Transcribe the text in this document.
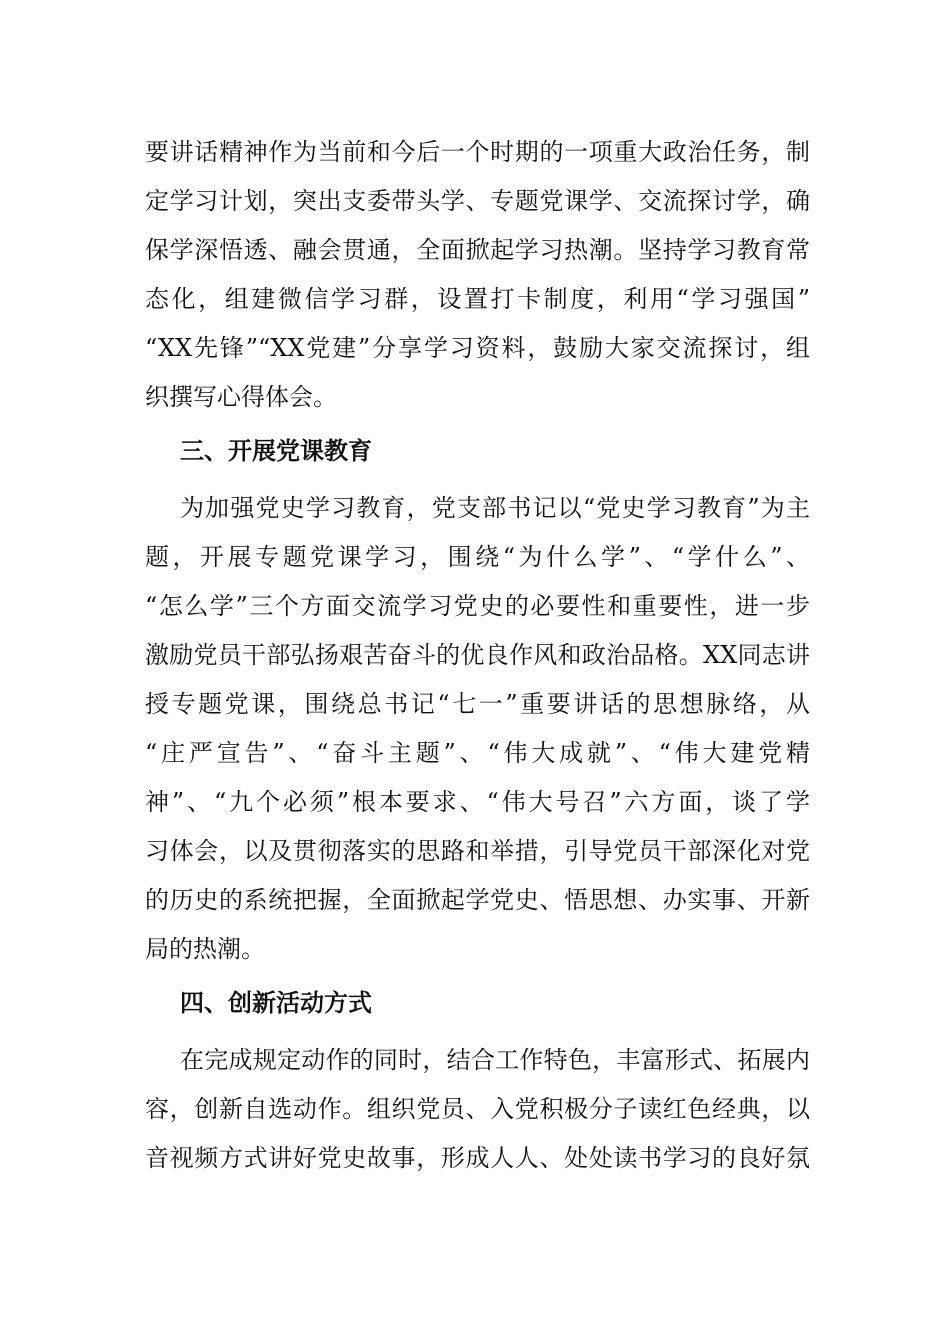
要讲话精神作为当前和今后一个时期的一项重大政治任务，制
定学习计划，突出支委带头学、专题党课学、交流探讨学，确
保学深悟透、融会贯通，全面掀起学习热潮。坚持学习教育常
态化，组建微信学习群，设置打卡制度，利用“学习强国”
“XX先锋”“XX党建”分享学习资料，鼓励大家交流探讨，组
织撰写心得体会。
三、开展党课教育
为加强党史学习教育，党支部书记以“党史学习教育”为主
题，开展专题党课学习，围绕“为什么学”、“学什么”、
“怎么学”三个方面交流学习党史的必要性和重要性，进一步
激励党员干部弘扬艰苦奋斗的优良作风和政治品格。XX同志讲
授专题党课，围绕总书记“七一”重要讲话的思想脉络，从
“庄严宣告”、“奋斗主题”、“伟大成就”、“伟大建党精
神”、“九个必须”根本要求、“伟大号召”六方面，谈了学
习体会，以及贯彻落实的思路和举措，引导党员干部深化对党
的历史的系统把握，全面掀起学党史、悟思想、办实事、开新
局的热潮。
四、创新活动方式
在完成规定动作的同时，结合工作特色，丰富形式、拓展内
容，创新自选动作。组织党员、入党积极分子读红色经典，以
音视频方式讲好党史故事，形成人人、处处读书学习的良好氛
